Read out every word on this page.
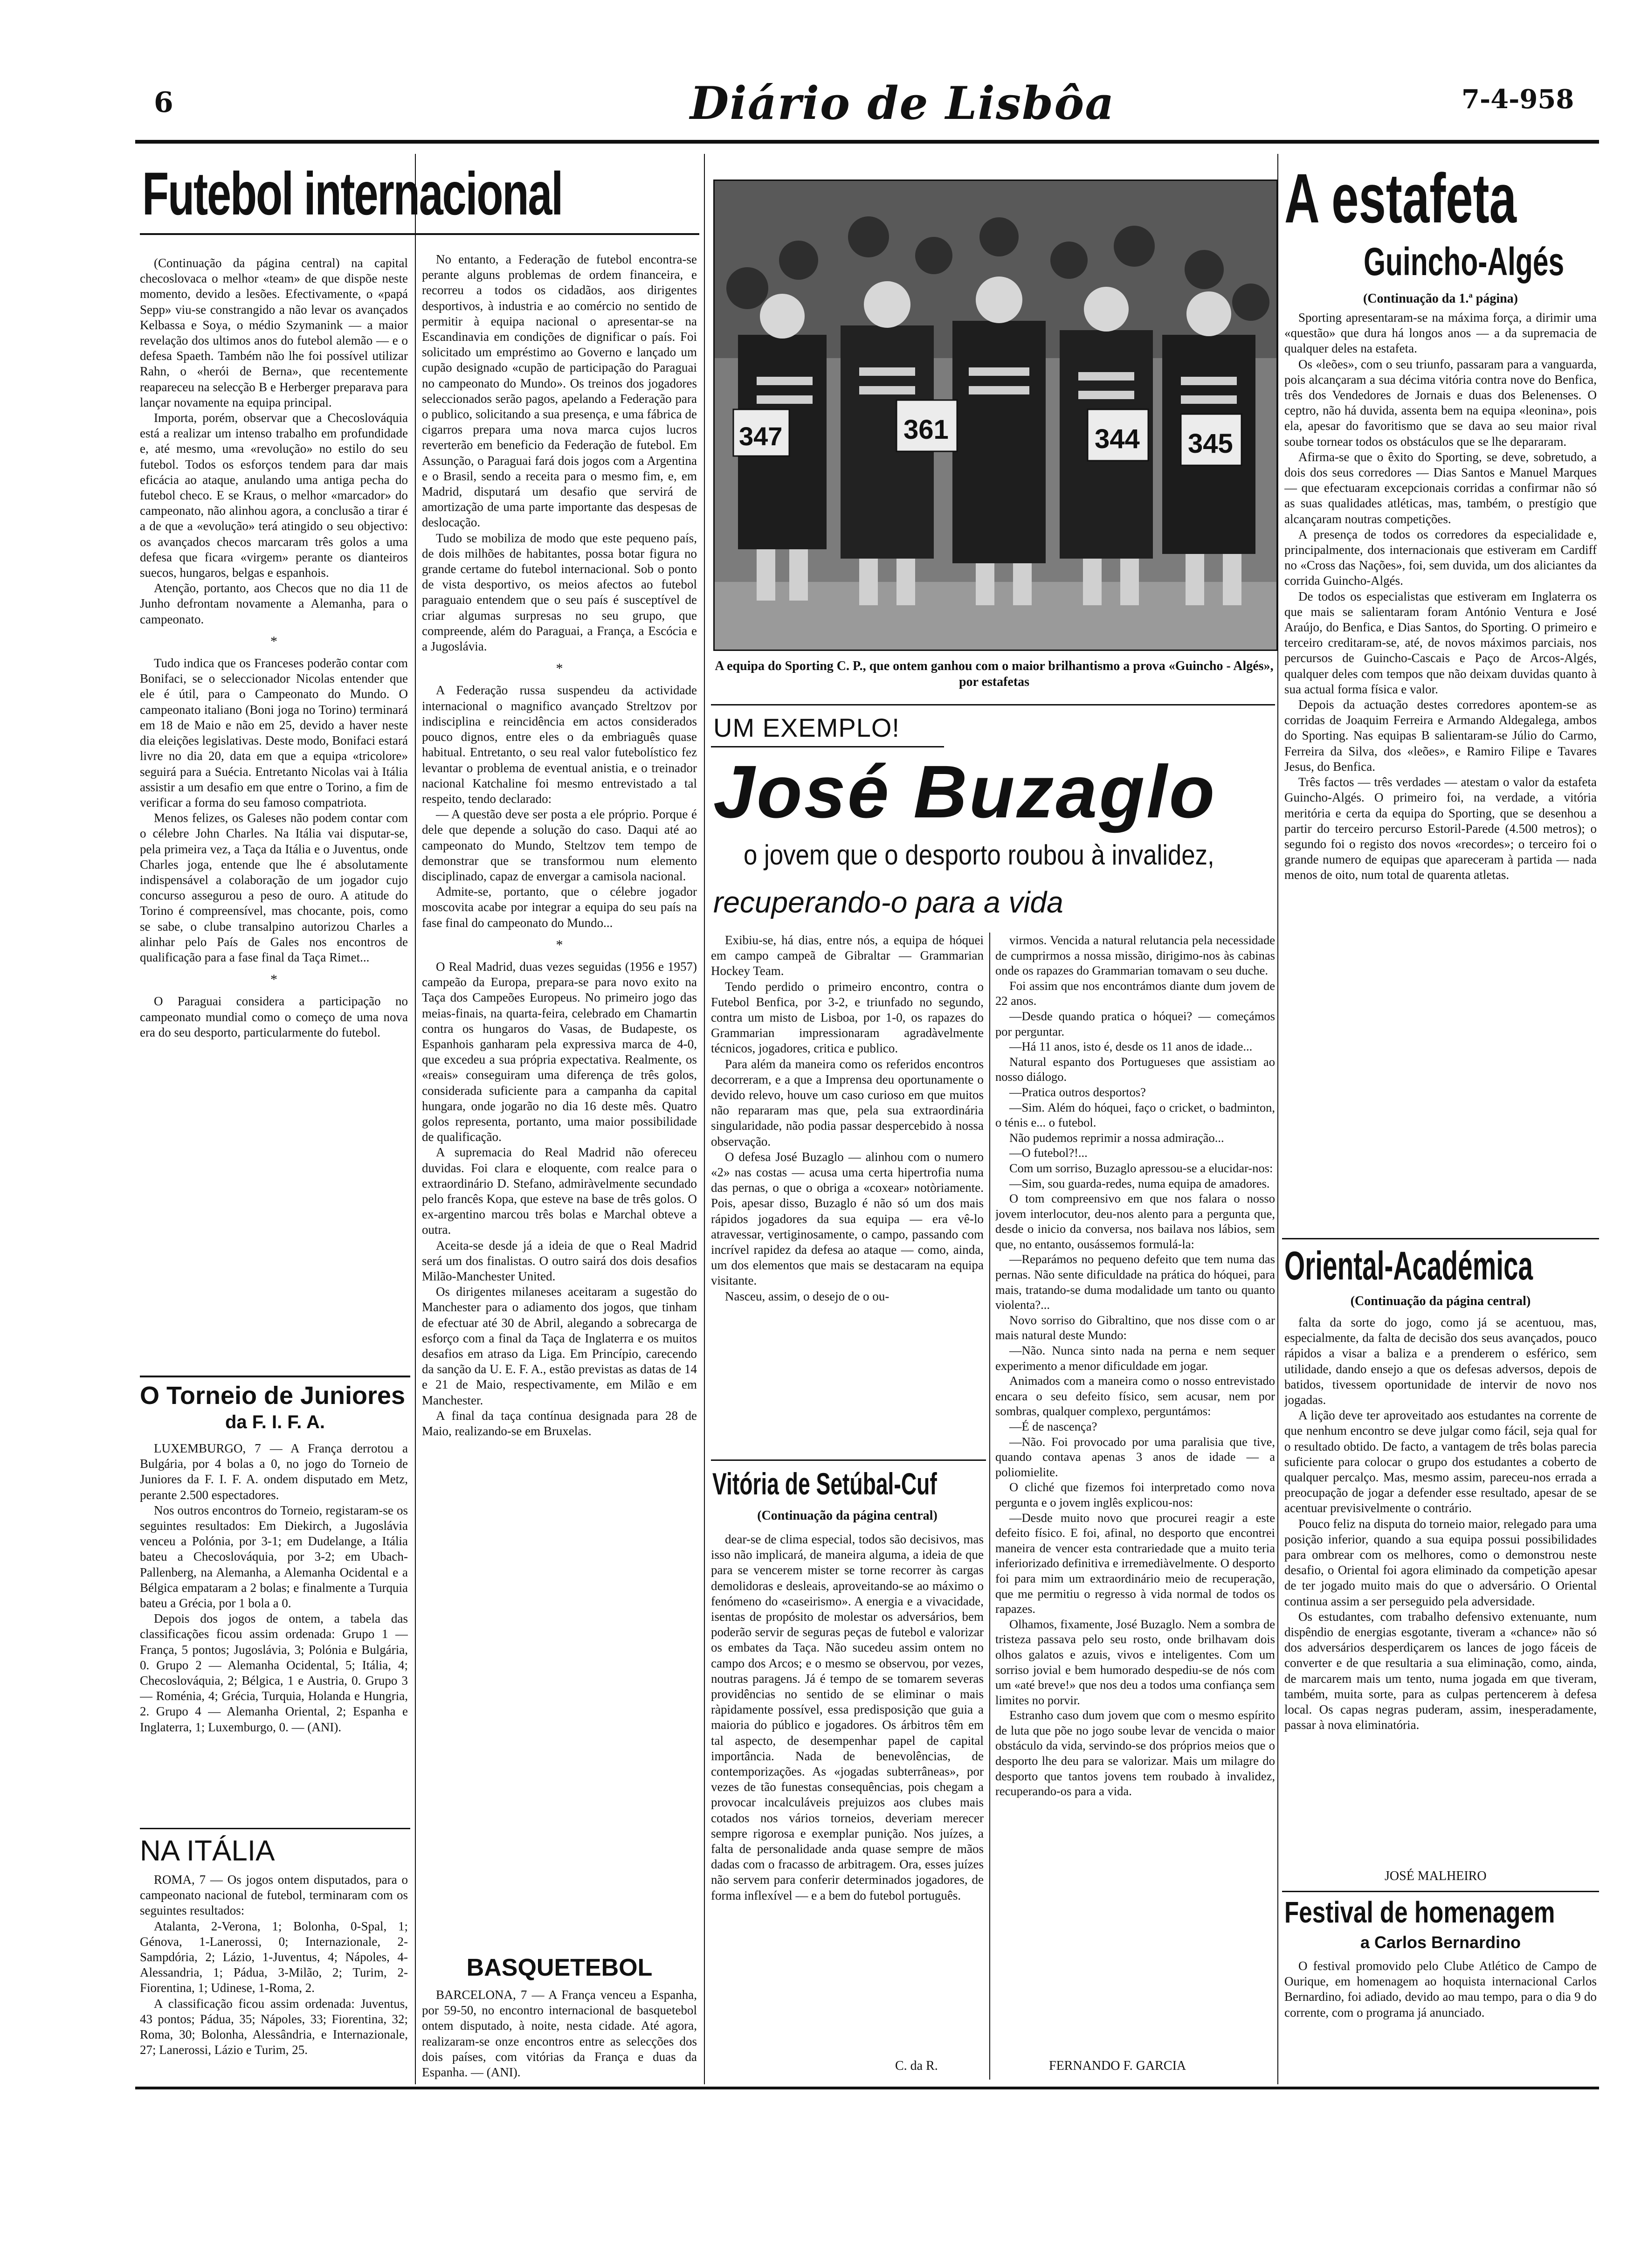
6	Diário de Lisbôa	7-4-958
Futebol internacional

(Continuação da página central) na capital checoslovaca o melhor «team» de que dispõe neste momento, devido a lesões. Efectivamente, o «papá Sepp» viu-se constrangido a não levar os avançados Kelbassa e Soya, o médio Szymanink — a maior revelação dos ultimos anos do futebol alemão — e o defesa Spaeth. Também não lhe foi possível utilizar Rahn, o «herói de Berna», que recentemente reapareceu na selecção B e Herberger preparava para lançar novamente na equipa principal.

Importa, porém, observar que a Checoslováquia está a realizar um intenso trabalho em profundidade e, até mesmo, uma «revolução» no estilo do seu futebol. Todos os esforços tendem para dar mais eficácia ao ataque, anulando uma antiga pecha do futebol checo. E se Kraus, o melhor «marcador» do campeonato, não alinhou agora, a conclusão a tirar é a de que a «evolução» terá atingido o seu objectivo: os avançados checos marcaram três golos a uma defesa que ficara «virgem» perante os dianteiros suecos, hungaros, belgas e espanhois.

Atenção, portanto, aos Checos que no dia 11 de Junho defrontam novamente a Alemanha, para o campeonato.

*

Tudo indica que os Franceses poderão contar com Bonifaci, se o seleccionador Nicolas entender que ele é útil, para o Campeonato do Mundo. O campeonato italiano (Boni joga no Torino) terminará em 18 de Maio e não em 25, devido a haver neste dia eleições legislativas. Deste modo, Bonifaci estará livre no dia 20, data em que a equipa «tricolore» seguirá para a Suécia. Entretanto Nicolas vai à Itália assistir a um desafio em que entre o Torino, a fim de verificar a forma do seu famoso compatriota.

Menos felizes, os Galeses não podem contar com o célebre John Charles. Na Itália vai disputar-se, pela primeira vez, a Taça da Itália e o Juventus, onde Charles joga, entende que lhe é absolutamente indispensável a colaboração de um jogador cujo concurso assegurou a peso de ouro. A atitude do Torino é compreensível, mas chocante, pois, como se sabe, o clube transalpino autorizou Charles a alinhar pelo País de Gales nos encontros de qualificação para a fase final da Taça Rimet...

*

O Paraguai considera a participação no campeonato mundial como o começo de uma nova era do seu desporto, particularmente do futebol.

O Torneio de Juniores
da F. I. F. A.

LUXEMBURGO, 7 — A França derrotou a Bulgária, por 4 bolas a 0, no jogo do Torneio de Juniores da F. I. F. A. ondem disputado em Metz, perante 2.500 espectadores.

Nos outros encontros do Torneio, registaram-se os seguintes resultados: Em Diekirch, a Jugoslávia venceu a Polónia, por 3-1; em Dudelange, a Itália bateu a Checoslováquia, por 3-2; em Ubach-Pallenberg, na Alemanha, a Alemanha Ocidental e a Bélgica empataram a 2 bolas; e finalmente a Turquia bateu a Grécia, por 1 bola a 0.

Depois dos jogos de ontem, a tabela das classificações ficou assim ordenada: Grupo 1 — França, 5 pontos; Jugoslávia, 3; Polónia e Bulgária, 0. Grupo 2 — Alemanha Ocidental, 5; Itália, 4; Checoslováquia, 2; Bélgica, 1 e Austria, 0. Grupo 3 — Roménia, 4; Grécia, Turquia, Holanda e Hungria, 2. Grupo 4 — Alemanha Oriental, 2; Espanha e Inglaterra, 1; Luxemburgo, 0. — (ANI).

NA ITÁLIA

ROMA, 7 — Os jogos ontem disputados, para o campeonato nacional de futebol, terminaram com os seguintes resultados:

Atalanta, 2-Verona, 1; Bolonha, 0-Spal, 1; Génova, 1-Lanerossi, 0; Internazionale, 2-Sampdória, 2; Lázio, 1-Juventus, 4; Nápoles, 4-Alessandria, 1; Pádua, 3-Milão, 2; Turim, 2-Fiorentina, 1; Udinese, 1-Roma, 2.

A classificação ficou assim ordenada: Juventus, 43 pontos; Pádua, 35; Nápoles, 33; Fiorentina, 32; Roma, 30; Bolonha, Alessândria, e Internazionale, 27; Lanerossi, Lázio e Turim, 25.

No entanto, a Federação de futebol encontra-se perante alguns problemas de ordem financeira, e recorreu a todos os cidadãos, aos dirigentes desportivos, à industria e ao comércio no sentido de permitir à equipa nacional o apresentar-se na Escandinavia em condições de dignificar o país. Foi solicitado um empréstimo ao Governo e lançado um cupão designado «cupão de participação do Paraguai no campeonato do Mundo». Os treinos dos jogadores seleccionados serão pagos, apelando a Federação para o publico, solicitando a sua presença, e uma fábrica de cigarros prepara uma nova marca cujos lucros reverterão em beneficio da Federação de futebol. Em Assunção, o Paraguai fará dois jogos com a Argentina e o Brasil, sendo a receita para o mesmo fim, e, em Madrid, disputará um desafio que servirá de amortização de uma parte importante das despesas de deslocação.

Tudo se mobiliza de modo que este pequeno país, de dois milhões de habitantes, possa botar figura no grande certame do futebol internacional. Sob o ponto de vista desportivo, os meios afectos ao futebol paraguaio entendem que o seu país é susceptível de criar algumas surpresas no seu grupo, que compreende, além do Paraguai, a França, a Escócia e a Jugoslávia.

*

A Federação russa suspendeu da actividade internacional o magnifico avançado Streltzov por indisciplina e reincidência em actos considerados pouco dignos, entre eles o da embriaguês quase habitual. Entretanto, o seu real valor futebolístico fez levantar o problema de eventual anistia, e o treinador nacional Katchaline foi mesmo entrevistado a tal respeito, tendo declarado:

— A questão deve ser posta a ele próprio. Porque é dele que depende a solução do caso. Daqui até ao campeonato do Mundo, Steltzov tem tempo de demonstrar que se transformou num elemento disciplinado, capaz de envergar a camisola nacional.

Admite-se, portanto, que o célebre jogador moscovita acabe por integrar a equipa do seu país na fase final do campeonato do Mundo...

*

O Real Madrid, duas vezes seguidas (1956 e 1957) campeão da Europa, prepara-se para novo exito na Taça dos Campeões Europeus. No primeiro jogo das meias-finais, na quarta-feira, celebrado em Chamartin contra os hungaros do Vasas, de Budapeste, os Espanhois ganharam pela expressiva marca de 4-0, que excedeu a sua própria expectativa. Realmente, os «reais» conseguiram uma diferença de três golos, considerada suficiente para a campanha da capital hungara, onde jogarão no dia 16 deste mês. Quatro golos representa, portanto, uma maior possibilidade de qualificação.

A supremacia do Real Madrid não ofereceu duvidas. Foi clara e eloquente, com realce para o extraordinário D. Stefano, admiràvelmente secundado pelo francês Kopa, que esteve na base de três golos. O ex-argentino marcou três bolas e Marchal obteve a outra.

Aceita-se desde já a ideia de que o Real Madrid será um dos finalistas. O outro sairá dos dois desafios Milão-Manchester United.

Os dirigentes milaneses aceitaram a sugestão do Manchester para o adiamento dos jogos, que tinham de efectuar até 30 de Abril, alegando a sobrecarga de esforço com a final da Taça de Inglaterra e os muitos desafios em atraso da Liga. Em Princípio, carecendo da sanção da U. E. F. A., estão previstas as datas de 14 e 21 de Maio, respectivamente, em Milão e em Manchester.

A final da taça contínua designada para 28 de Maio, realizando-se em Bruxelas.

BASQUETEBOL

BARCELONA, 7 — A França venceu a Espanha, por 59-50, no encontro internacional de basquetebol ontem disputado, à noite, nesta cidade. Até agora, realizaram-se onze encontros entre as selecções dos dois países, com vitórias da França e duas da Espanha. — (ANI).

347	361	344 345
A equipa do Sporting C. P., que ontem ganhou com o maior brilhantismo a prova «Guincho - Algés», por estafetas
UM EXEMPLO!
José Buzaglo
o jovem que o desporto roubou à invalidez,
recuperando-o para a vida

Exibiu-se, há dias, entre nós, a equipa de hóquei em campo campeã de Gibraltar — Grammarian Hockey Team.

Tendo perdido o primeiro encontro, contra o Futebol Benfica, por 3-2, e triunfado no segundo, contra um misto de Lisboa, por 1-0, os rapazes do Grammarian impressionaram agradàvelmente técnicos, jogadores, critica e publico.

Para além da maneira como os referidos encontros decorreram, e a que a Imprensa deu oportunamente o devido relevo, houve um caso curioso em que muitos não repararam mas que, pela sua extraordinária singularidade, não podia passar despercebido à nossa observação.

O defesa José Buzaglo — alinhou com o numero «2» nas costas — acusa uma certa hipertrofia numa das pernas, o que o obriga a «coxear» notòriamente. Pois, apesar disso, Buzaglo é não só um dos mais rápidos jogadores da sua equipa — era vê-lo atravessar, vertiginosamente, o campo, passando com incrível rapidez da defesa ao ataque — como, ainda, um dos elementos que mais se destacaram na equipa visitante.

Nasceu, assim, o desejo de o ou-

virmos. Vencida a natural relutancia pela necessidade de cumprirmos a nossa missão, dirigimo-nos às cabinas onde os rapazes do Grammarian tomavam o seu duche.

Foi assim que nos encontrámos diante dum jovem de 22 anos.

—Desde quando pratica o hóquei? — começámos por perguntar.

—Há 11 anos, isto é, desde os 11 anos de idade...

Natural espanto dos Portugueses que assistiam ao nosso diálogo.

—Pratica outros desportos?

—Sim. Além do hóquei, faço o cricket, o badminton, o ténis e... o futebol.

Não pudemos reprimir a nossa admiração...

—O futebol?!...

Com um sorriso, Buzaglo apressou-se a elucidar-nos:

—Sim, sou guarda-redes, numa equipa de amadores.

O tom compreensivo em que nos falara o nosso jovem interlocutor, deu-nos alento para a pergunta que, desde o inicio da conversa, nos bailava nos lábios, sem que, no entanto, ousássemos formulá-la:

—Reparámos no pequeno defeito que tem numa das pernas. Não sente dificuldade na prática do hóquei, para mais, tratando-se duma modalidade um tanto ou quanto violenta?...

Novo sorriso do Gibraltino, que nos disse com o ar mais natural deste Mundo:

—Não. Nunca sinto nada na perna e nem sequer experimento a menor dificuldade em jogar.

Animados com a maneira como o nosso entrevistado encara o seu defeito físico, sem acusar, nem por sombras, qualquer complexo, perguntámos:

—É de nascença?

—Não. Foi provocado por uma paralisia que tive, quando contava apenas 3 anos de idade — a poliomielite.

O cliché que fizemos foi interpretado como nova pergunta e o jovem inglês explicou-nos:

—Desde muito novo que procurei reagir a este defeito físico. E foi, afinal, no desporto que encontrei maneira de vencer esta contrariedade que a muito teria inferiorizado definitiva e irremediàvelmente. O desporto foi para mim um extraordinário meio de recuperação, que me permitiu o regresso à vida normal de todos os rapazes.

Olhamos, fixamente, José Buzaglo. Nem a sombra de tristeza passava pelo seu rosto, onde brilhavam dois olhos galatos e azuis, vivos e inteligentes. Com um sorriso jovial e bem humorado despediu-se de nós com um «até breve!» que nos deu a todos uma confiança sem limites no porvir.

Estranho caso dum jovem que com o mesmo espírito de luta que põe no jogo soube levar de vencida o maior obstáculo da vida, servindo-se dos próprios meios que o desporto lhe deu para se valorizar. Mais um milagre do desporto que tantos jovens tem roubado à invalidez, recuperando-os para a vida.

FERNANDO F. GARCIA
Vitória de Setúbal-Cuf
(Continuação da página central)

dear-se de clima especial, todos são decisivos, mas isso não implicará, de maneira alguma, a ideia de que para se vencerem mister se torne recorrer às cargas demolidoras e desleais, aproveitando-se ao máximo o fenómeno do «caseirismo». A energia e a vivacidade, isentas de propósito de molestar os adversários, bem poderão servir de seguras peças de futebol e valorizar os embates da Taça. Não sucedeu assim ontem no campo dos Arcos; e o mesmo se observou, por vezes, noutras paragens. Já é tempo de se tomarem severas providências no sentido de se eliminar o mais ràpidamente possível, essa predisposição que guia a maioria do público e jogadores. Os árbitros têm em tal aspecto, de desempenhar papel de capital importância. Nada de benevolências, de contemporizações. As «jogadas subterrâneas», por vezes de tão funestas consequências, pois chegam a provocar incalculáveis prejuizos aos clubes mais cotados nos vários torneios, deveriam merecer sempre rigorosa e exemplar punição. Nos juízes, a falta de personalidade anda quase sempre de mãos dadas com o fracasso de arbitragem. Ora, esses juízes não servem para conferir determinados jogadores, de forma inflexível — e a bem do futebol português.

C. da R.
A estafeta
Guincho-Algés
(Continuação da 1.ª página)

Sporting apresentaram-se na máxima força, a dirimir uma «questão» que dura há longos anos — a da supremacia de qualquer deles na estafeta.

Os «leões», com o seu triunfo, passaram para a vanguarda, pois alcançaram a sua décima vitória contra nove do Benfica, três dos Vendedores de Jornais e duas dos Belenenses. O ceptro, não há duvida, assenta bem na equipa «leonina», pois ela, apesar do favoritismo que se dava ao seu maior rival soube tornear todos os obstáculos que se lhe depararam.

Afirma-se que o êxito do Sporting, se deve, sobretudo, a dois dos seus corredores — Dias Santos e Manuel Marques — que efectuaram excepcionais corridas a confirmar não só as suas qualidades atléticas, mas, também, o prestígio que alcançaram noutras competições.

A presença de todos os corredores da especialidade e, principalmente, dos internacionais que estiveram em Cardiff no «Cross das Nações», foi, sem duvida, um dos aliciantes da corrida Guincho-Algés.

De todos os especialistas que estiveram em Inglaterra os que mais se salientaram foram António Ventura e José Araújo, do Benfica, e Dias Santos, do Sporting. O primeiro e terceiro creditaram-se, até, de novos máximos parciais, nos percursos de Guincho-Cascais e Paço de Arcos-Algés, qualquer deles com tempos que não deixam duvidas quanto à sua actual forma física e valor.

Depois da actuação destes corredores apontem-se as corridas de Joaquim Ferreira e Armando Aldegalega, ambos do Sporting. Nas equipas B salientaram-se Júlio do Carmo, Ferreira da Silva, dos «leões», e Ramiro Filipe e Tavares Jesus, do Benfica.

Três factos — três verdades — atestam o valor da estafeta Guincho-Algés. O primeiro foi, na verdade, a vitória meritória e certa da equipa do Sporting, que se desenhou a partir do terceiro percurso Estoril-Parede (4.500 metros); o segundo foi o registo dos novos «recordes»; o terceiro foi o grande numero de equipas que apareceram à partida — nada menos de oito, num total de quarenta atletas.

Oriental-Académica
(Continuação da página central)

falta da sorte do jogo, como já se acentuou, mas, especialmente, da falta de decisão dos seus avançados, pouco rápidos a visar a baliza e a prenderem o esférico, sem utilidade, dando ensejo a que os defesas adversos, depois de batidos, tivessem oportunidade de intervir de novo nos jogadas.

A lição deve ter aproveitado aos estudantes na corrente de que nenhum encontro se deve julgar como fácil, seja qual for o resultado obtido. De facto, a vantagem de três bolas parecia suficiente para colocar o grupo dos estudantes a coberto de qualquer percalço. Mas, mesmo assim, pareceu-nos errada a preocupação de jogar a defender esse resultado, apesar de se acentuar previsivelmente o contrário.

Pouco feliz na disputa do torneio maior, relegado para uma posição inferior, quando a sua equipa possui possibilidades para ombrear com os melhores, como o demonstrou neste desafio, o Oriental foi agora eliminado da competição apesar de ter jogado muito mais do que o adversário. O Oriental continua assim a ser perseguido pela adversidade.

Os estudantes, com trabalho defensivo extenuante, num dispêndio de energias esgotante, tiveram a «chance» não só dos adversários desperdiçarem os lances de jogo fáceis de converter e de que resultaria a sua eliminação, como, ainda, de marcarem mais um tento, numa jogada em que tiveram, também, muita sorte, para as culpas pertencerem à defesa local. Os capas negras puderam, assim, inesperadamente, passar à nova eliminatória.

JOSÉ MALHEIRO
Festival de homenagem
a Carlos Bernardino

O festival promovido pelo Clube Atlético de Campo de Ourique, em homenagem ao hoquista internacional Carlos Bernardino, foi adiado, devido ao mau tempo, para o dia 9 do corrente, com o programa já anunciado.
